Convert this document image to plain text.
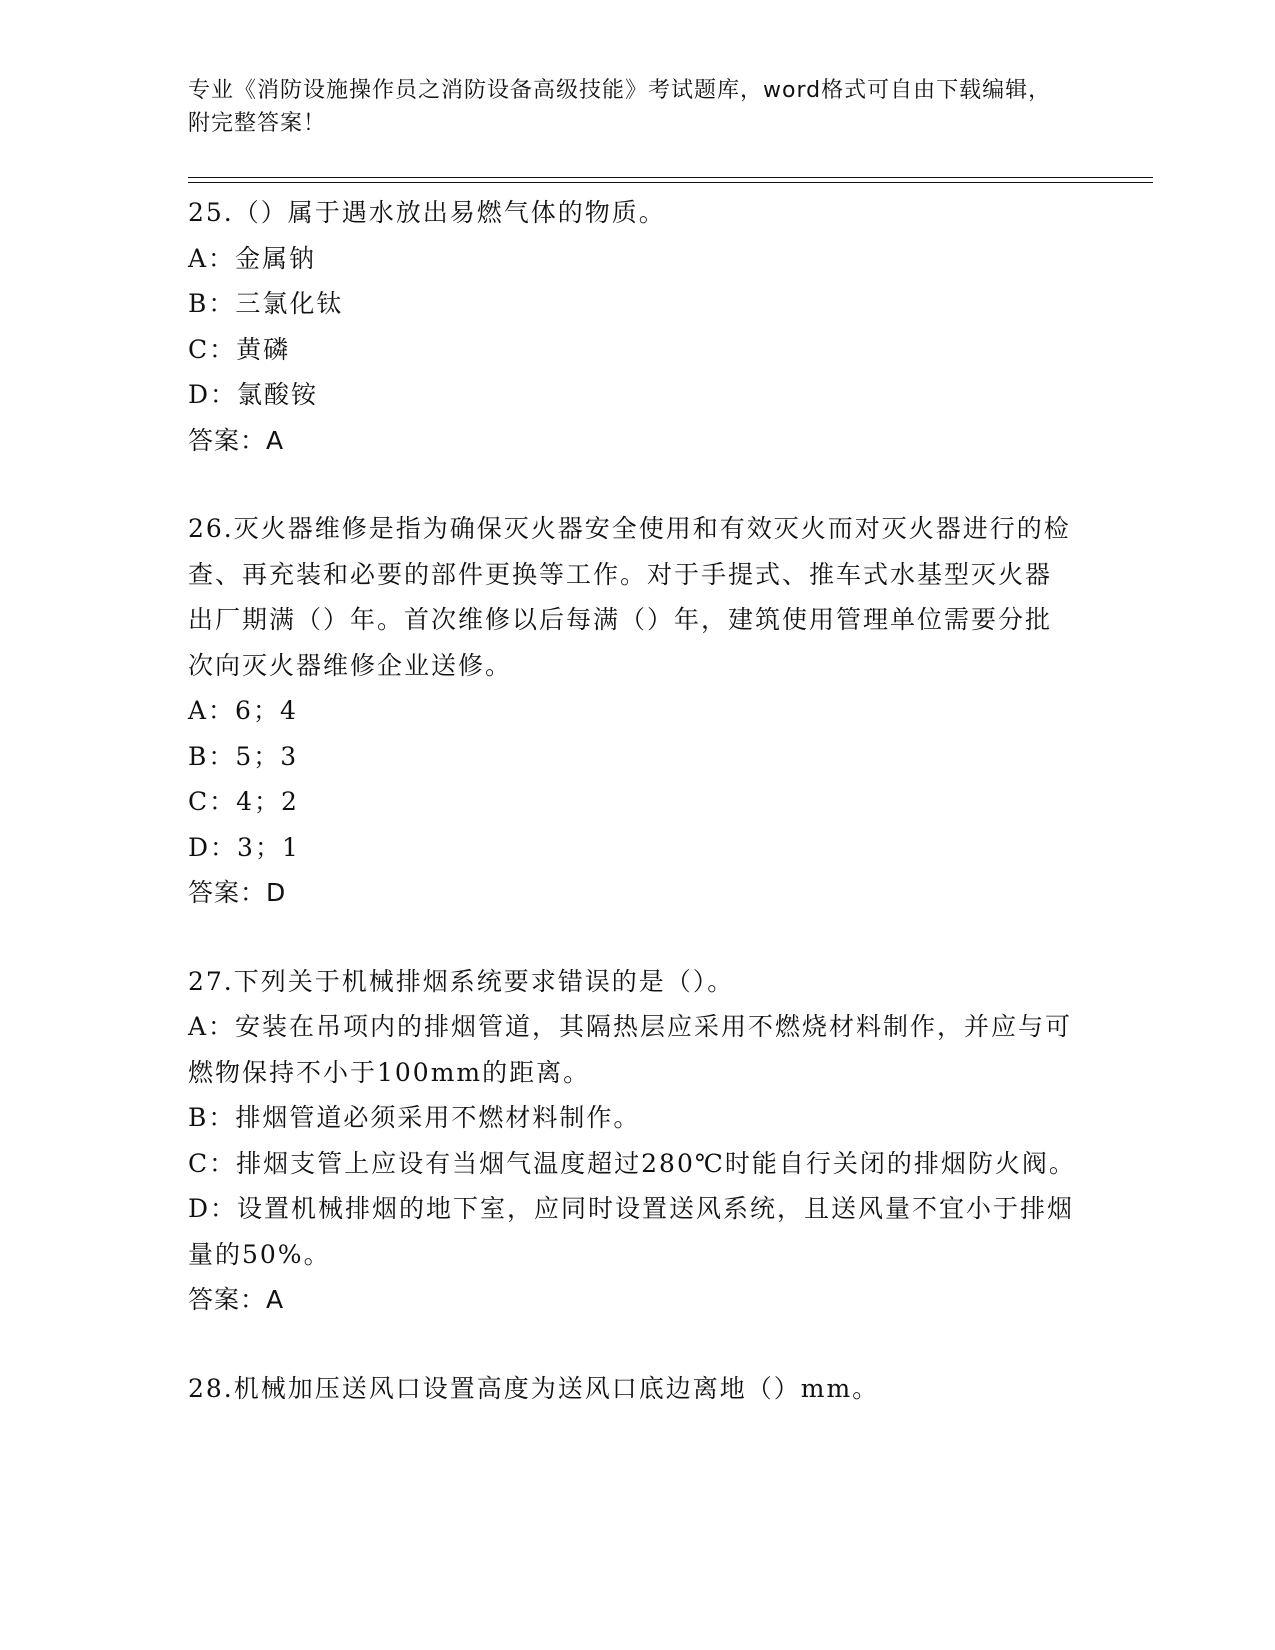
专业《消防设施操作员之消防设备高级技能》考试题库，word格式可自由下载编辑，附完整答案！

25.（）属于遇水放出易燃气体的物质。

A：金属钠

B：三氯化钛

C：黄磷

D：氯酸铵

答案：A

26.灭火器维修是指为确保灭火器安全使用和有效灭火而对灭火器进行的检查、再充装和必要的部件更换等工作。对于手提式、推车式水基型灭火器出厂期满（）年。首次维修以后每满（）年，建筑使用管理单位需要分批次向灭火器维修企业送修。

A：6；4

B：5；3

C：4；2

D：3；1

答案：D

27.下列关于机械排烟系统要求错误的是（）。

A：安装在吊项内的排烟管道，其隔热层应采用不燃烧材料制作，并应与可燃物保持不小于100mm的距离。

B：排烟管道必须采用不燃材料制作。

C：排烟支管上应设有当烟气温度超过280℃时能自行关闭的排烟防火阀。

D：设置机械排烟的地下室，应同时设置送风系统，且送风量不宜小于排烟量的50%。

答案：A

28.机械加压送风口设置高度为送风口底边离地（）mm。
